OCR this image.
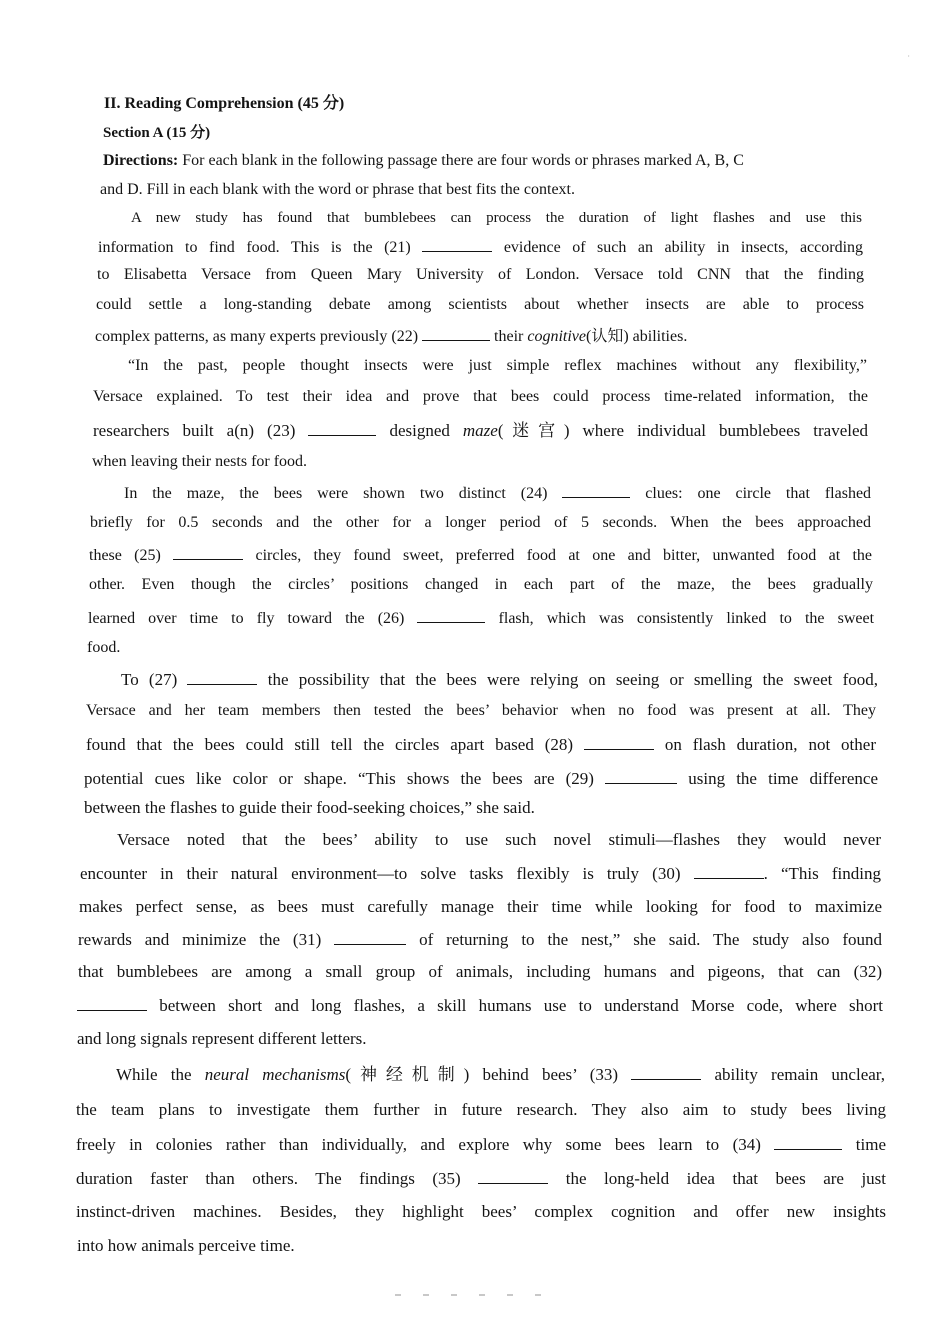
·
II. Reading Comprehension (45 分)
Section A (15 分)
Directions: For each blank in the following passage there are four words or phrases marked A, B, C
and D. Fill in each blank with the word or phrase that best fits the context.
A new study has found that bumblebees can process the duration of light flashes and use this
information to find food. This is the (21)	evidence of such an ability in insects, according
to Elisabetta Versace from Queen Mary University of London. Versace told CNN that the finding
could settle a long-standing debate among scientists about whether insects are able to process
complex patterns, as many experts previously (22)	their cognitive(认知) abilities.
“In the past, people thought insects were just simple reflex machines without any flexibility,”
Versace explained. To test their idea and prove that bees could process time-related information, the
researchers built a(n) (23)	designed maze(迷宫) where individual bumblebees traveled
when leaving their nests for food.
In the maze, the bees were shown two distinct (24)	clues: one circle that flashed
briefly for 0.5 seconds and the other for a longer period of 5 seconds. When the bees approached
these (25)	circles, they found sweet, preferred food at one and bitter, unwanted food at the
other. Even though the circles’ positions changed in each part of the maze, the bees gradually
learned over time to fly toward the (26)	flash, which was consistently linked to the sweet
food.
To (27)	the possibility that the bees were relying on seeing or smelling the sweet food,
Versace and her team members then tested the bees’ behavior when no food was present at all. They
found that the bees could still tell the circles apart based (28)	on flash duration, not other
potential cues like color or shape. “This shows the bees are (29)	using the time difference
between the flashes to guide their food-seeking choices,” she said.
Versace noted that the bees’ ability to use such novel stimuli—flashes they would never
encounter in their natural environment—to solve tasks flexibly is truly (30)	. “This finding
makes perfect sense, as bees must carefully manage their time while looking for food to maximize
rewards and minimize the (31)	of returning to the nest,” she said. The study also found
that bumblebees are among a small group of animals, including humans and pigeons, that can (32)
between short and long flashes, a skill humans use to understand Morse code, where short
and long signals represent different letters.
While the neural mechanisms(神经机制) behind bees’ (33)	ability remain unclear,
the team plans to investigate them further in future research. They also aim to study bees living
freely in colonies rather than individually, and explore why some bees learn to (34)	time
duration faster than others. The findings (35)	the long-held idea that bees are just
instinct-driven machines. Besides, they highlight bees’ complex cognition and offer new insights
into how animals perceive time.
